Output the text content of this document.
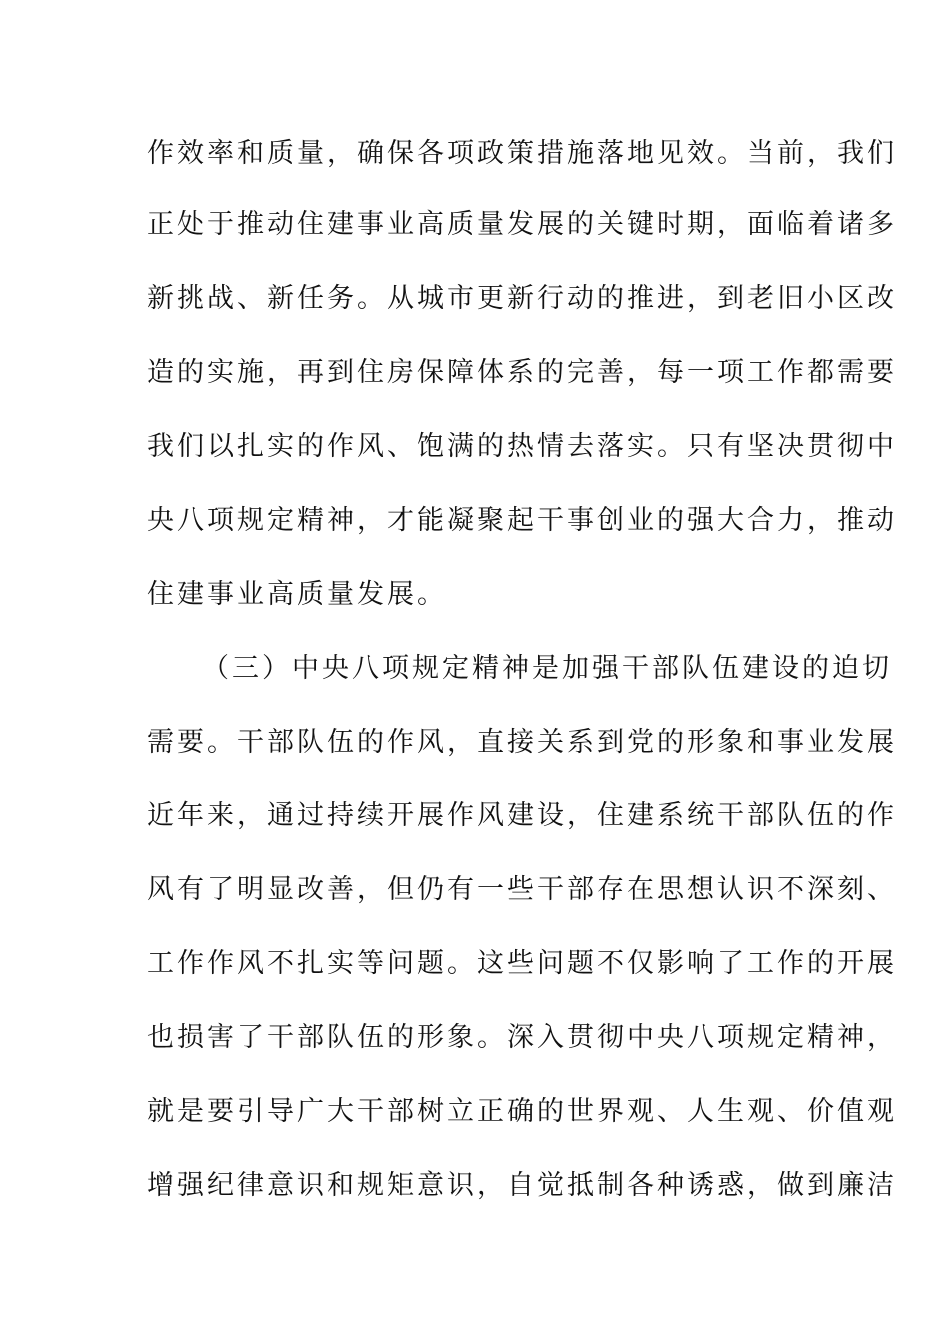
作效率和质量，确保各项政策措施落地见效。当前，我们
正处于推动住建事业高质量发展的关键时期，面临着诸多
新挑战、新任务。从城市更新行动的推进，到老旧小区改
造的实施，再到住房保障体系的完善，每一项工作都需要
我们以扎实的作风、饱满的热情去落实。只有坚决贯彻中
央八项规定精神，才能凝聚起干事创业的强大合力，推动
住建事业高质量发展。
（三）中央八项规定精神是加强干部队伍建设的迫切
需要。干部队伍的作风，直接关系到党的形象和事业发展
近年来，通过持续开展作风建设，住建系统干部队伍的作
风有了明显改善，但仍有一些干部存在思想认识不深刻、
工作作风不扎实等问题。这些问题不仅影响了工作的开展
也损害了干部队伍的形象。深入贯彻中央八项规定精神，
就是要引导广大干部树立正确的世界观、人生观、价值观
增强纪律意识和规矩意识，自觉抵制各种诱惑，做到廉洁
